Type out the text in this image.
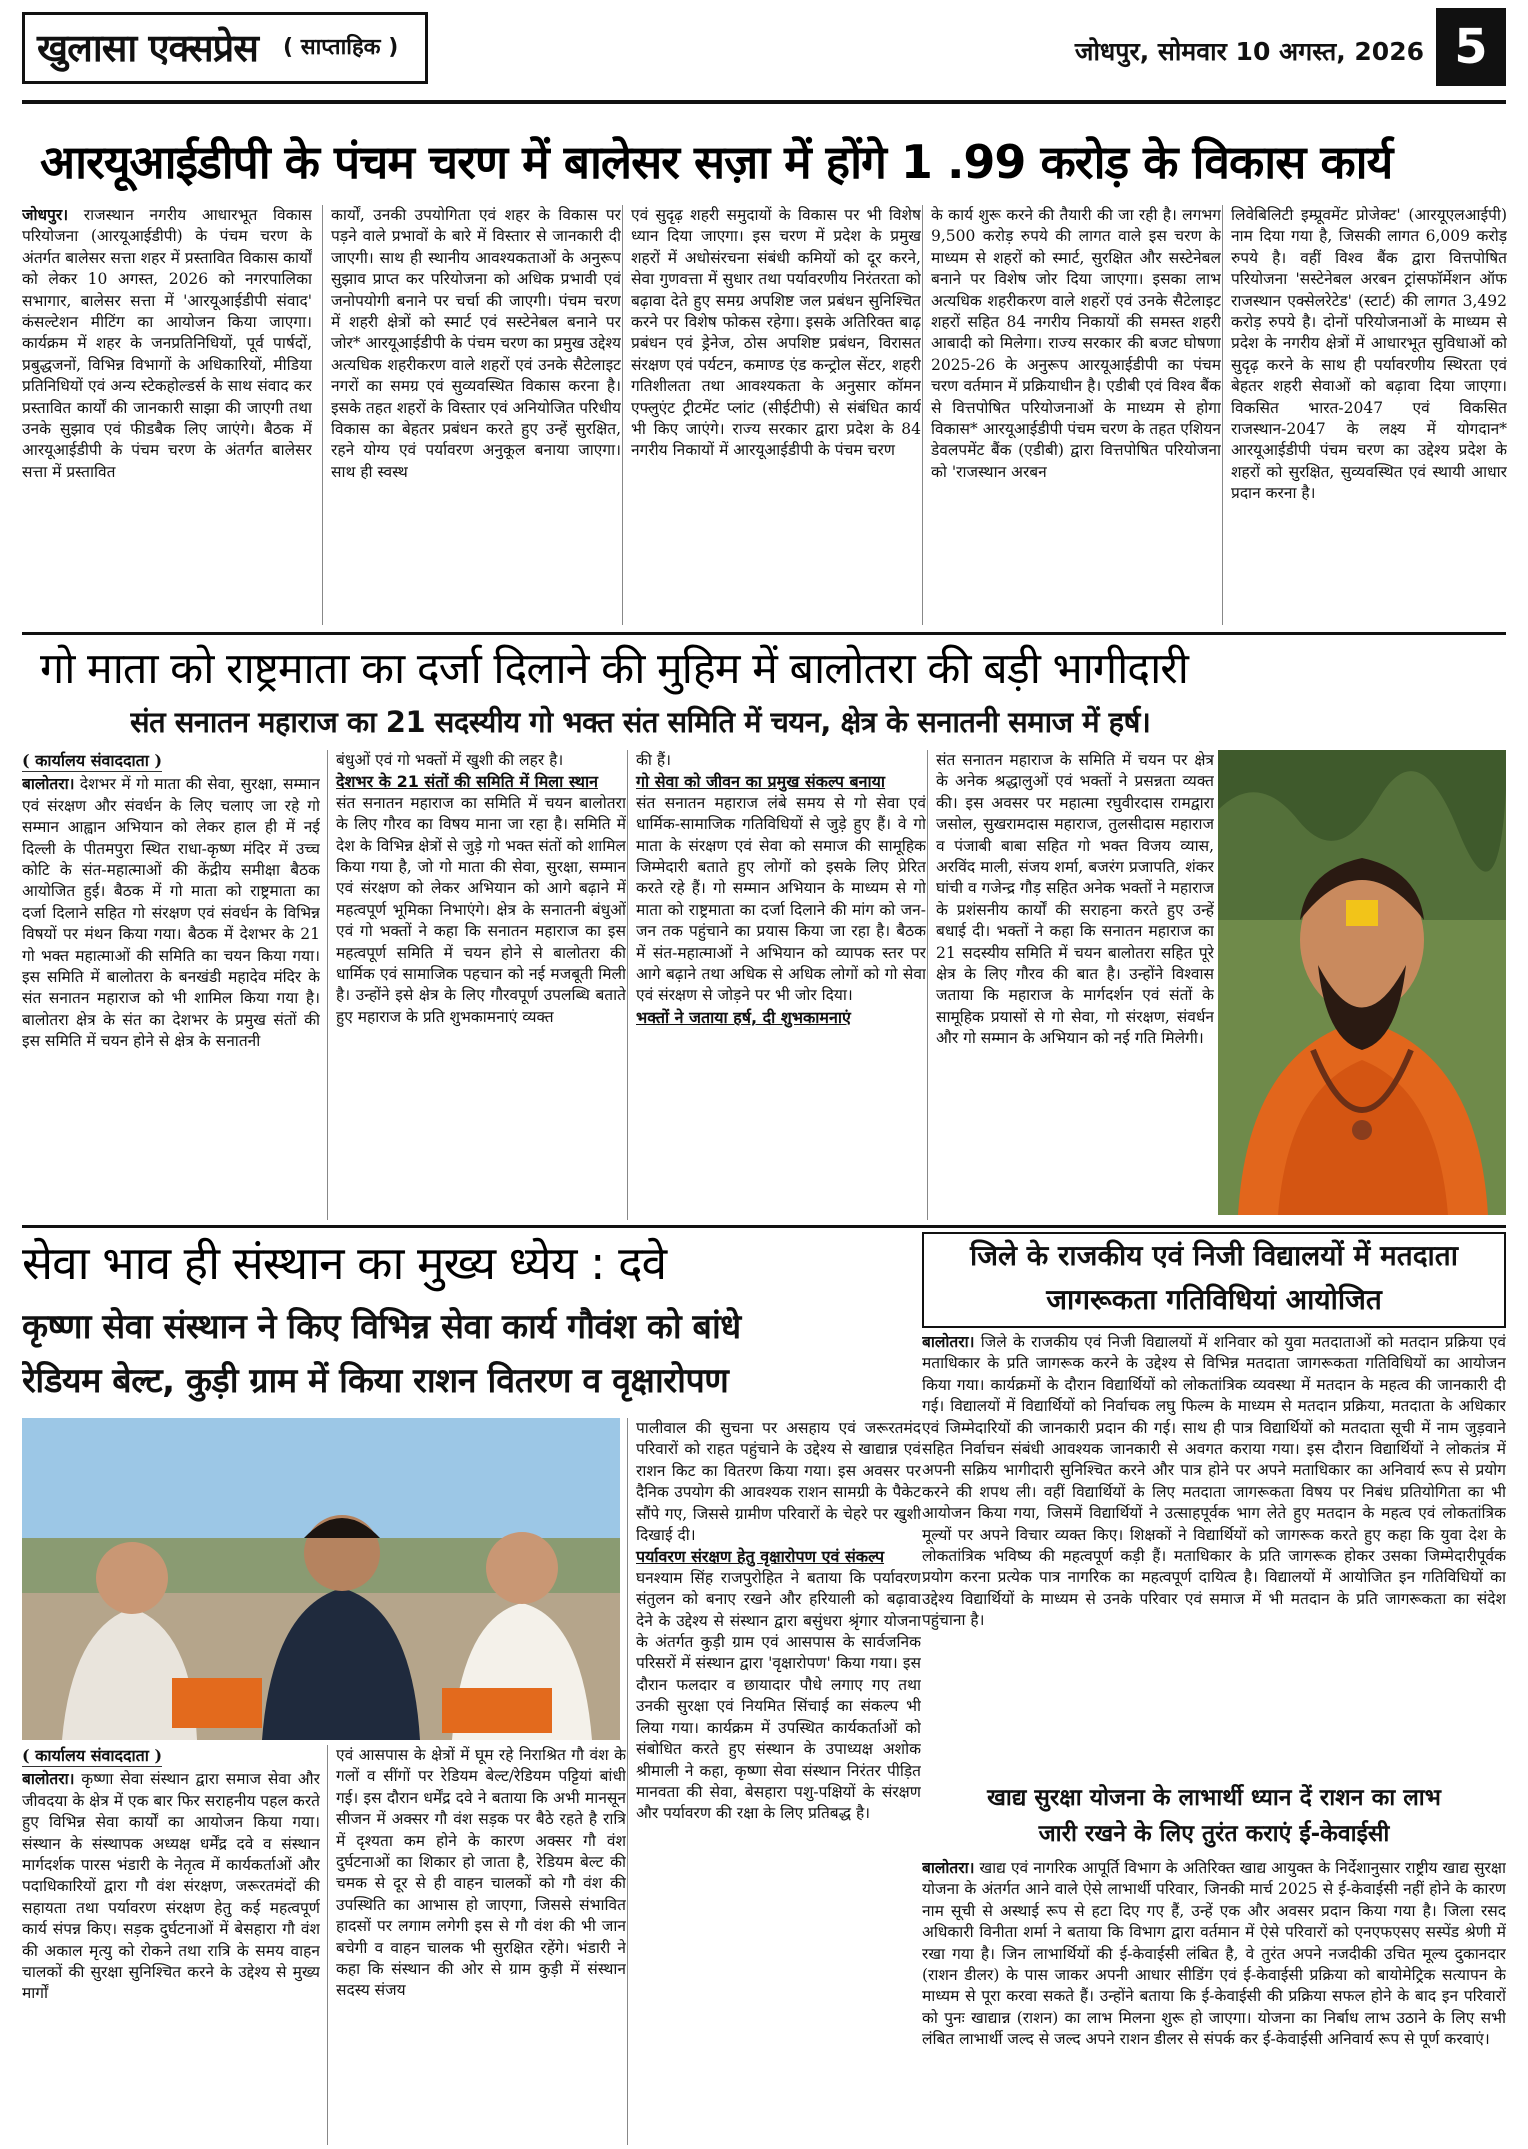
खुलासा एक्सप्रेस ( साप्ताहिक )	जोधपुर, सोमवार 10 अगस्त, 2026 5
आरयूआईडीपी के पंचम चरण में बालेसर सज़ा में होंगे 1 .99 करोड़ के विकास कार्य
जोधपुर। राजस्थान नगरीय आधारभूत विकास परियोजना (आरयूआईडीपी) के पंचम चरण के अंतर्गत बालेसर सत्ता शहर में प्रस्तावित विकास कार्यों को लेकर 10 अगस्त, 2026 को नगरपालिका सभागार, बालेसर सत्ता में 'आरयूआईडीपी संवाद' कंसल्टेशन मीटिंग का आयोजन किया जाएगा। कार्यक्रम में शहर के जनप्रतिनिधियों, पूर्व पार्षदों, प्रबुद्धजनों, विभिन्न विभागों के अधिकारियों, मीडिया प्रतिनिधियों एवं अन्य स्टेकहोल्डर्स के साथ संवाद कर प्रस्तावित कार्यों की जानकारी साझा की जाएगी तथा उनके सुझाव एवं फीडबैक लिए जाएंगे। बैठक में आरयूआईडीपी के पंचम चरण के अंतर्गत बालेसर सत्ता में प्रस्तावित
कार्यों, उनकी उपयोगिता एवं शहर के विकास पर पड़ने वाले प्रभावों के बारे में विस्तार से जानकारी दी जाएगी। साथ ही स्थानीय आवश्यकताओं के अनुरूप सुझाव प्राप्त कर परियोजना को अधिक प्रभावी एवं जनोपयोगी बनाने पर चर्चा की जाएगी। पंचम चरण में शहरी क्षेत्रों को स्मार्ट एवं सस्टेनेबल बनाने पर जोर* आरयूआईडीपी के पंचम चरण का प्रमुख उद्देश्य अत्यधिक शहरीकरण वाले शहरों एवं उनके सैटेलाइट नगरों का समग्र एवं सुव्यवस्थित विकास करना है। इसके तहत शहरों के विस्तार एवं अनियोजित परिधीय विकास का बेहतर प्रबंधन करते हुए उन्हें सुरक्षित, रहने योग्य एवं पर्यावरण अनुकूल बनाया जाएगा। साथ ही स्वस्थ
एवं सुदृढ़ शहरी समुदायों के विकास पर भी विशेष ध्यान दिया जाएगा। इस चरण में प्रदेश के प्रमुख शहरों में अधोसंरचना संबंधी कमियों को दूर करने, सेवा गुणवत्ता में सुधार तथा पर्यावरणीय निरंतरता को बढ़ावा देते हुए समग्र अपशिष्ट जल प्रबंधन सुनिश्चित करने पर विशेष फोकस रहेगा। इसके अतिरिक्त बाढ़ प्रबंधन एवं ड्रेनेज, ठोस अपशिष्ट प्रबंधन, विरासत संरक्षण एवं पर्यटन, कमाण्ड एंड कन्ट्रोल सेंटर, शहरी गतिशीलता तथा आवश्यकता के अनुसार कॉमन एफ्लुएंट ट्रीटमेंट प्लांट (सीईटीपी) से संबंधित कार्य भी किए जाएंगे। राज्य सरकार द्वारा प्रदेश के 84 नगरीय निकायों में आरयूआईडीपी के पंचम चरण
के कार्य शुरू करने की तैयारी की जा रही है। लगभग 9,500 करोड़ रुपये की लागत वाले इस चरण के माध्यम से शहरों को स्मार्ट, सुरक्षित और सस्टेनेबल बनाने पर विशेष जोर दिया जाएगा। इसका लाभ अत्यधिक शहरीकरण वाले शहरों एवं उनके सैटेलाइट शहरों सहित 84 नगरीय निकायों की समस्त शहरी आबादी को मिलेगा। राज्य सरकार की बजट घोषणा 2025-26 के अनुरूप आरयूआईडीपी का पंचम चरण वर्तमान में प्रक्रियाधीन है। एडीबी एवं विश्व बैंक से वित्तपोषित परियोजनाओं के माध्यम से होगा विकास* आरयूआईडीपी पंचम चरण के तहत एशियन डेवलपमेंट बैंक (एडीबी) द्वारा वित्तपोषित परियोजना को 'राजस्थान अरबन
लिवेबिलिटी इम्प्रूवमेंट प्रोजेक्ट' (आरयूएलआईपी) नाम दिया गया है, जिसकी लागत 6,009 करोड़ रुपये है। वहीं विश्व बैंक द्वारा वित्तपोषित परियोजना 'सस्टेनेबल अरबन ट्रांसफॉर्मेशन ऑफ राजस्थान एक्सेलरेटेड' (स्टार्ट) की लागत 3,492 करोड़ रुपये है। दोनों परियोजनाओं के माध्यम से प्रदेश के नगरीय क्षेत्रों में आधारभूत सुविधाओं को सुदृढ़ करने के साथ ही पर्यावरणीय स्थिरता एवं बेहतर शहरी सेवाओं को बढ़ावा दिया जाएगा। विकसित भारत-2047 एवं विकसित राजस्थान-2047 के लक्ष्य में योगदान* आरयूआईडीपी पंचम चरण का उद्देश्य प्रदेश के शहरों को सुरक्षित, सुव्यवस्थित एवं स्थायी आधार प्रदान करना है।
गो माता को राष्ट्रमाता का दर्जा दिलाने की मुहिम में बालोतरा की बड़ी भागीदारी
संत सनातन महाराज का 21 सदस्यीय गो भक्त संत समिति में चयन, क्षेत्र के सनातनी समाज में हर्ष।
( कार्यालय संवाददाता )
बालोतरा। देशभर में गो माता की सेवा, सुरक्षा, सम्मान एवं संरक्षण और संवर्धन के लिए चलाए जा रहे गो सम्मान आह्वान अभियान को लेकर हाल ही में नई दिल्ली के पीतमपुरा स्थित राधा-कृष्ण मंदिर में उच्च कोटि के संत-महात्माओं की केंद्रीय समीक्षा बैठक आयोजित हुई। बैठक में गो माता को राष्ट्रमाता का दर्जा दिलाने सहित गो संरक्षण एवं संवर्धन के विभिन्न विषयों पर मंथन किया गया। बैठक में देशभर के 21 गो भक्त महात्माओं की समिति का चयन किया गया। इस समिति में बालोतरा के बनखंडी महादेव मंदिर के संत सनातन महाराज को भी शामिल किया गया है। बालोतरा क्षेत्र के संत का देशभर के प्रमुख संतों की इस समिति में चयन होने से क्षेत्र के सनातनी
बंधुओं एवं गो भक्तों में खुशी की लहर है।
देशभर के 21 संतों की समिति में मिला स्थान
संत सनातन महाराज का समिति में चयन बालोतरा के लिए गौरव का विषय माना जा रहा है। समिति में देश के विभिन्न क्षेत्रों से जुड़े गो भक्त संतों को शामिल किया गया है, जो गो माता की सेवा, सुरक्षा, सम्मान एवं संरक्षण को लेकर अभियान को आगे बढ़ाने में महत्वपूर्ण भूमिका निभाएंगे। क्षेत्र के सनातनी बंधुओं एवं गो भक्तों ने कहा कि सनातन महाराज का इस महत्वपूर्ण समिति में चयन होने से बालोतरा की धार्मिक एवं सामाजिक पहचान को नई मजबूती मिली है। उन्होंने इसे क्षेत्र के लिए गौरवपूर्ण उपलब्धि बताते हुए महाराज के प्रति शुभकामनाएं व्यक्त
की हैं।
गो सेवा को जीवन का प्रमुख संकल्प बनाया
संत सनातन महाराज लंबे समय से गो सेवा एवं धार्मिक-सामाजिक गतिविधियों से जुड़े हुए हैं। वे गो माता के संरक्षण एवं सेवा को समाज की सामूहिक जिम्मेदारी बताते हुए लोगों को इसके लिए प्रेरित करते रहे हैं। गो सम्मान अभियान के माध्यम से गो माता को राष्ट्रमाता का दर्जा दिलाने की मांग को जन-जन तक पहुंचाने का प्रयास किया जा रहा है। बैठक में संत-महात्माओं ने अभियान को व्यापक स्तर पर आगे बढ़ाने तथा अधिक से अधिक लोगों को गो सेवा एवं संरक्षण से जोड़ने पर भी जोर दिया।
भक्तों ने जताया हर्ष, दी शुभकामनाएं
संत सनातन महाराज के समिति में चयन पर क्षेत्र के अनेक श्रद्धालुओं एवं भक्तों ने प्रसन्नता व्यक्त की। इस अवसर पर महात्मा रघुवीरदास रामद्वारा जसोल, सुखरामदास महाराज, तुलसीदास महाराज व पंजाबी बाबा सहित गो भक्त विजय व्यास, अरविंद माली, संजय शर्मा, बजरंग प्रजापति, शंकर घांची व गजेन्द्र गौड़ सहित अनेक भक्तों ने महाराज के प्रशंसनीय कार्यों की सराहना करते हुए उन्हें बधाई दी। भक्तों ने कहा कि सनातन महाराज का 21 सदस्यीय समिति में चयन बालोतरा सहित पूरे क्षेत्र के लिए गौरव की बात है। उन्होंने विश्वास जताया कि महाराज के मार्गदर्शन एवं संतों के सामूहिक प्रयासों से गो सेवा, गो संरक्षण, संवर्धन और गो सम्मान के अभियान को नई गति मिलेगी।
सेवा भाव ही संस्थान का मुख्य ध्येय : दवे
कृष्णा सेवा संस्थान ने किए विभिन्न सेवा कार्य गौवंश को बांधे
रेडियम बेल्ट, कुड़ी ग्राम में किया राशन वितरण व वृक्षारोपण
( कार्यालय संवाददाता )
बालोतरा। कृष्णा सेवा संस्थान द्वारा समाज सेवा और जीवदया के क्षेत्र में एक बार फिर सराहनीय पहल करते हुए विभिन्न सेवा कार्यों का आयोजन किया गया। संस्थान के संस्थापक अध्यक्ष धर्मेंद्र दवे व संस्थान मार्गदर्शक पारस भंडारी के नेतृत्व में कार्यकर्ताओं और पदाधिकारियों द्वारा गौ वंश संरक्षण, जरूरतमंदों की सहायता तथा पर्यावरण संरक्षण हेतु कई महत्वपूर्ण कार्य संपन्न किए। सड़क दुर्घटनाओं में बेसहारा गौ वंश की अकाल मृत्यु को रोकने तथा रात्रि के समय वाहन चालकों की सुरक्षा सुनिश्चित करने के उद्देश्य से मुख्य मार्गों
एवं आसपास के क्षेत्रों में घूम रहे निराश्रित गौ वंश के गलों व सींगों पर रेडियम बेल्ट/रेडियम पट्टियां बांधी गई। इस दौरान धर्मेंद्र दवे ने बताया कि अभी मानसून सीजन में अक्सर गौ वंश सड़क पर बैठे रहते है रात्रि में दृश्यता कम होने के कारण अक्सर गौ वंश दुर्घटनाओं का शिकार हो जाता है, रेडियम बेल्ट की चमक से दूर से ही वाहन चालकों को गौ वंश की उपस्थिति का आभास हो जाएगा, जिससे संभावित हादसों पर लगाम लगेगी इस से गौ वंश की भी जान बचेगी व वाहन चालक भी सुरक्षित रहेंगे। भंडारी ने कहा कि संस्थान की ओर से ग्राम कुड़ी में संस्थान सदस्य संजय
पालीवाल की सुचना पर असहाय एवं जरूरतमंद परिवारों को राहत पहुंचाने के उद्देश्य से खाद्यान्न एवं राशन किट का वितरण किया गया। इस अवसर पर दैनिक उपयोग की आवश्यक राशन सामग्री के पैकेट सौंपे गए, जिससे ग्रामीण परिवारों के चेहरे पर खुशी दिखाई दी।
पर्यावरण संरक्षण हेतु वृक्षारोपण एवं संकल्प
घनश्याम सिंह राजपुरोहित ने बताया कि पर्यावरण संतुलन को बनाए रखने और हरियाली को बढ़ावा देने के उद्देश्य से संस्थान द्वारा बसुंधरा श्रृंगार योजना के अंतर्गत कुड़ी ग्राम एवं आसपास के सार्वजनिक परिसरों में संस्थान द्वारा 'वृक्षारोपण' किया गया। इस दौरान फलदार व छायादार पौधे लगाए गए तथा उनकी सुरक्षा एवं नियमित सिंचाई का संकल्प भी लिया गया। कार्यक्रम में उपस्थित कार्यकर्ताओं को संबोधित करते हुए संस्थान के उपाध्यक्ष अशोक श्रीमाली ने कहा, कृष्णा सेवा संस्थान निरंतर पीड़ित मानवता की सेवा, बेसहारा पशु-पक्षियों के संरक्षण और पर्यावरण की रक्षा के लिए प्रतिबद्ध है।
जिले के राजकीय एवं निजी विद्यालयों में मतदाता
जागरूकता गतिविधियां आयोजित
बालोतरा। जिले के राजकीय एवं निजी विद्यालयों में शनिवार को युवा मतदाताओं को मतदान प्रक्रिया एवं मताधिकार के प्रति जागरूक करने के उद्देश्य से विभिन्न मतदाता जागरूकता गतिविधियों का आयोजन किया गया। कार्यक्रमों के दौरान विद्यार्थियों को लोकतांत्रिक व्यवस्था में मतदान के महत्व की जानकारी दी गई। विद्यालयों में विद्यार्थियों को निर्वाचक लघु फिल्म के माध्यम से मतदान प्रक्रिया, मतदाता के अधिकार एवं जिम्मेदारियों की जानकारी प्रदान की गई। साथ ही पात्र विद्यार्थियों को मतदाता सूची में नाम जुड़वाने सहित निर्वाचन संबंधी आवश्यक जानकारी से अवगत कराया गया। इस दौरान विद्यार्थियों ने लोकतंत्र में अपनी सक्रिय भागीदारी सुनिश्चित करने और पात्र होने पर अपने मताधिकार का अनिवार्य रूप से प्रयोग करने की शपथ ली। वहीं विद्यार्थियों के लिए मतदाता जागरूकता विषय पर निबंध प्रतियोगिता का भी आयोजन किया गया, जिसमें विद्यार्थियों ने उत्साहपूर्वक भाग लेते हुए मतदान के महत्व एवं लोकतांत्रिक मूल्यों पर अपने विचार व्यक्त किए। शिक्षकों ने विद्यार्थियों को जागरूक करते हुए कहा कि युवा देश के लोकतांत्रिक भविष्य की महत्वपूर्ण कड़ी हैं। मताधिकार के प्रति जागरूक होकर उसका जिम्मेदारीपूर्वक प्रयोग करना प्रत्येक पात्र नागरिक का महत्वपूर्ण दायित्व है। विद्यालयों में आयोजित इन गतिविधियों का उद्देश्य विद्यार्थियों के माध्यम से उनके परिवार एवं समाज में भी मतदान के प्रति जागरूकता का संदेश पहुंचाना है।
खाद्य सुरक्षा योजना के लाभार्थी ध्यान दें राशन का लाभ
जारी रखने के लिए तुरंत कराएं ई-केवाईसी
बालोतरा। खाद्य एवं नागरिक आपूर्ति विभाग के अतिरिक्त खाद्य आयुक्त के निर्देशानुसार राष्ट्रीय खाद्य सुरक्षा योजना के अंतर्गत आने वाले ऐसे लाभार्थी परिवार, जिनकी मार्च 2025 से ई-केवाईसी नहीं होने के कारण नाम सूची से अस्थाई रूप से हटा दिए गए हैं, उन्हें एक और अवसर प्रदान किया गया है। जिला रसद अधिकारी विनीता शर्मा ने बताया कि विभाग द्वारा वर्तमान में ऐसे परिवारों को एनएफएसए सस्पेंड श्रेणी में रखा गया है। जिन लाभार्थियों की ई-केवाईसी लंबित है, वे तुरंत अपने नजदीकी उचित मूल्य दुकानदार (राशन डीलर) के पास जाकर अपनी आधार सीडिंग एवं ई-केवाईसी प्रक्रिया को बायोमेट्रिक सत्यापन के माध्यम से पूरा करवा सकते हैं। उन्होंने बताया कि ई-केवाईसी की प्रक्रिया सफल होने के बाद इन परिवारों को पुनः खाद्यान्न (राशन) का लाभ मिलना शुरू हो जाएगा। योजना का निर्बाध लाभ उठाने के लिए सभी लंबित लाभार्थी जल्द से जल्द अपने राशन डीलर से संपर्क कर ई-केवाईसी अनिवार्य रूप से पूर्ण करवाएं।
